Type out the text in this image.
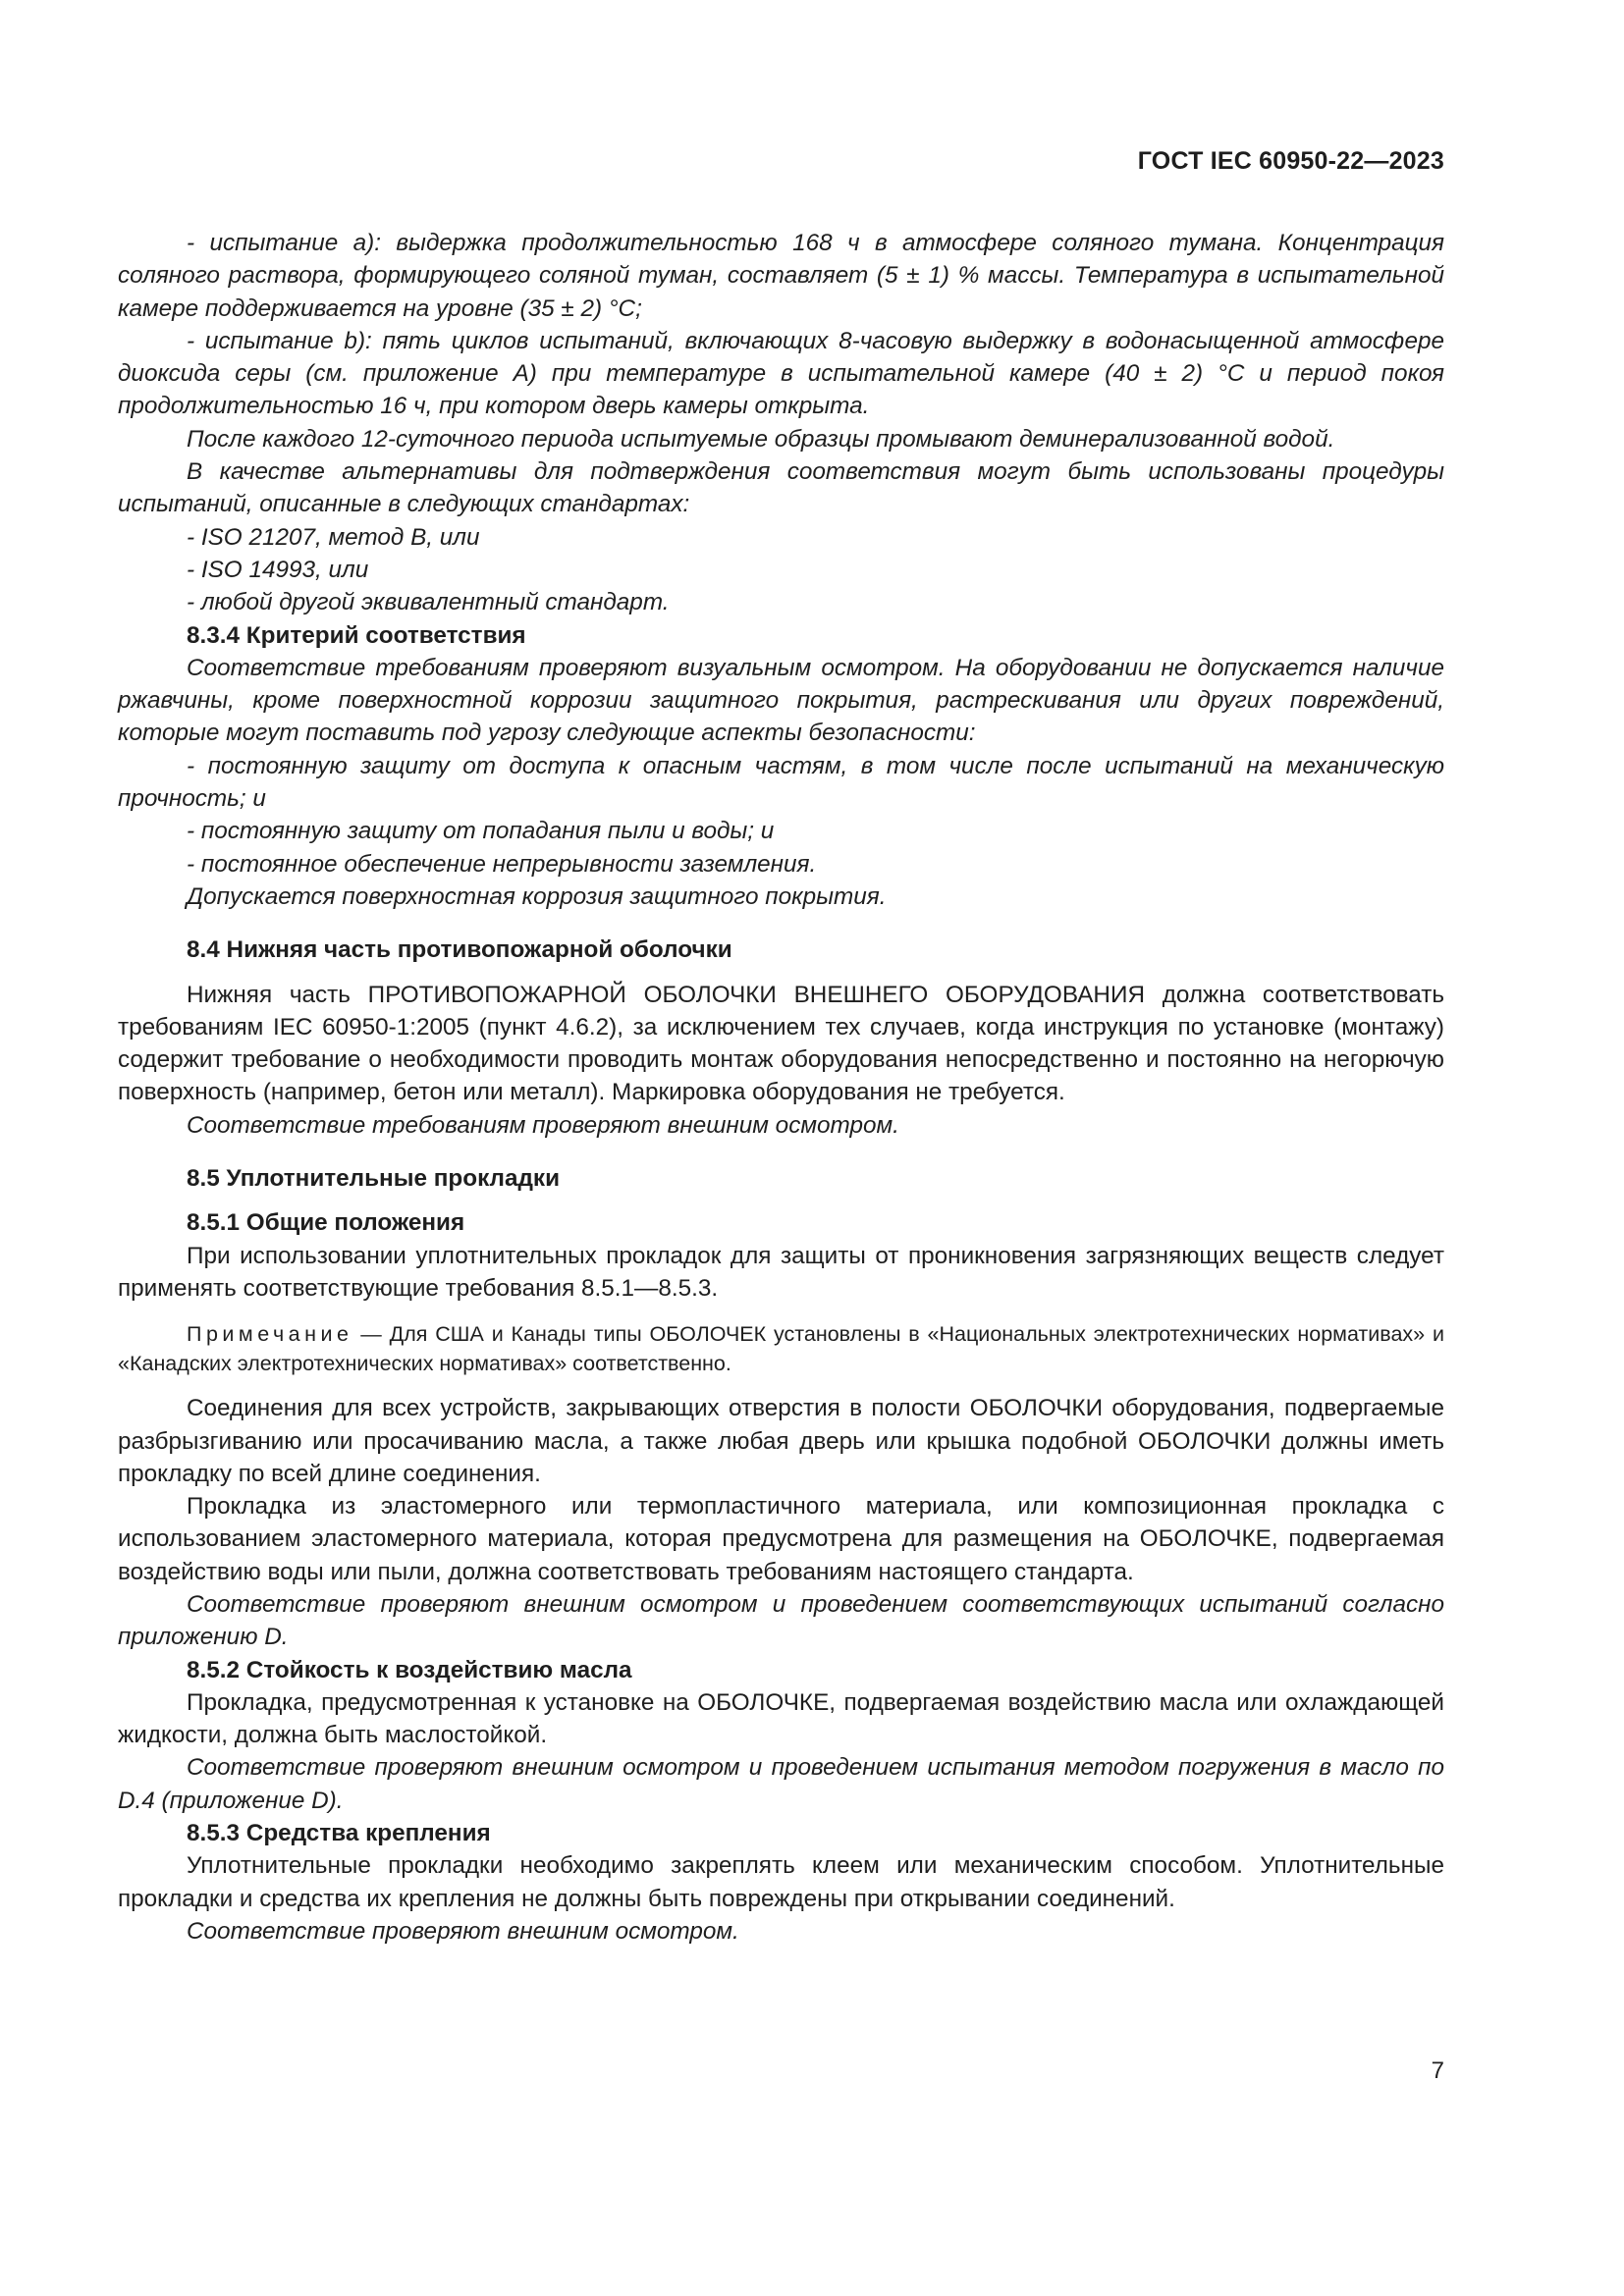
ГОСТ IEC 60950-22—2023

- испытание а): выдержка продолжительностью 168 ч в атмосфере соляного тумана. Концентрация соляного раствора, формирующего соляной туман, составляет (5 ± 1) % массы. Температура в испытательной камере поддерживается на уровне (35 ± 2) °С;

- испытание b): пять циклов испытаний, включающих 8-часовую выдержку в водонасыщенной атмосфере диоксида серы (см. приложение А) при температуре в испытательной камере (40 ± 2) °С и период покоя продолжительностью 16 ч, при котором дверь камеры открыта.

После каждого 12-суточного периода испытуемые образцы промывают деминерализованной водой.

В качестве альтернативы для подтверждения соответствия могут быть использованы процедуры испытаний, описанные в следующих стандартах:

- ISO 21207, метод В, или

- ISO 14993, или

- любой другой эквивалентный стандарт.

8.3.4 Критерий соответствия

Соответствие требованиям проверяют визуальным осмотром. На оборудовании не допускается наличие ржавчины, кроме поверхностной коррозии защитного покрытия, растрескивания или других повреждений, которые могут поставить под угрозу следующие аспекты безопасности:

- постоянную защиту от доступа к опасным частям, в том числе после испытаний на механическую прочность; и

- постоянную защиту от попадания пыли и воды; и

- постоянное обеспечение непрерывности заземления.

Допускается поверхностная коррозия защитного покрытия.

8.4 Нижняя часть противопожарной оболочки

Нижняя часть ПРОТИВОПОЖАРНОЙ ОБОЛОЧКИ ВНЕШНЕГО ОБОРУДОВАНИЯ должна соответствовать требованиям IEC 60950-1:2005 (пункт 4.6.2), за исключением тех случаев, когда инструкция по установке (монтажу) содержит требование о необходимости проводить монтаж оборудования непосредственно и постоянно на негорючую поверхность (например, бетон или металл). Маркировка оборудования не требуется.

Соответствие требованиям проверяют внешним осмотром.

8.5 Уплотнительные прокладки
8.5.1 Общие положения

При использовании уплотнительных прокладок для защиты от проникновения загрязняющих веществ следует применять соответствующие требования 8.5.1—8.5.3.

Примечание — Для США и Канады типы ОБОЛОЧЕК установлены в «Национальных электротехнических нормативах» и «Канадских электротехнических нормативах» соответственно.

Соединения для всех устройств, закрывающих отверстия в полости ОБОЛОЧКИ оборудования, подвергаемые разбрызгиванию или просачиванию масла, а также любая дверь или крышка подобной ОБОЛОЧКИ должны иметь прокладку по всей длине соединения.

Прокладка из эластомерного или термопластичного материала, или композиционная прокладка с использованием эластомерного материала, которая предусмотрена для размещения на ОБОЛОЧКЕ, подвергаемая воздействию воды или пыли, должна соответствовать требованиям настоящего стандарта.

Соответствие проверяют внешним осмотром и проведением соответствующих испытаний согласно приложению D.

8.5.2 Стойкость к воздействию масла

Прокладка, предусмотренная к установке на ОБОЛОЧКЕ, подвергаемая воздействию масла или охлаждающей жидкости, должна быть маслостойкой.

Соответствие проверяют внешним осмотром и проведением испытания методом погружения в масло по D.4 (приложение D).

8.5.3 Средства крепления

Уплотнительные прокладки необходимо закреплять клеем или механическим способом. Уплотнительные прокладки и средства их крепления не должны быть повреждены при открывании соединений.

Соответствие проверяют внешним осмотром.

7
